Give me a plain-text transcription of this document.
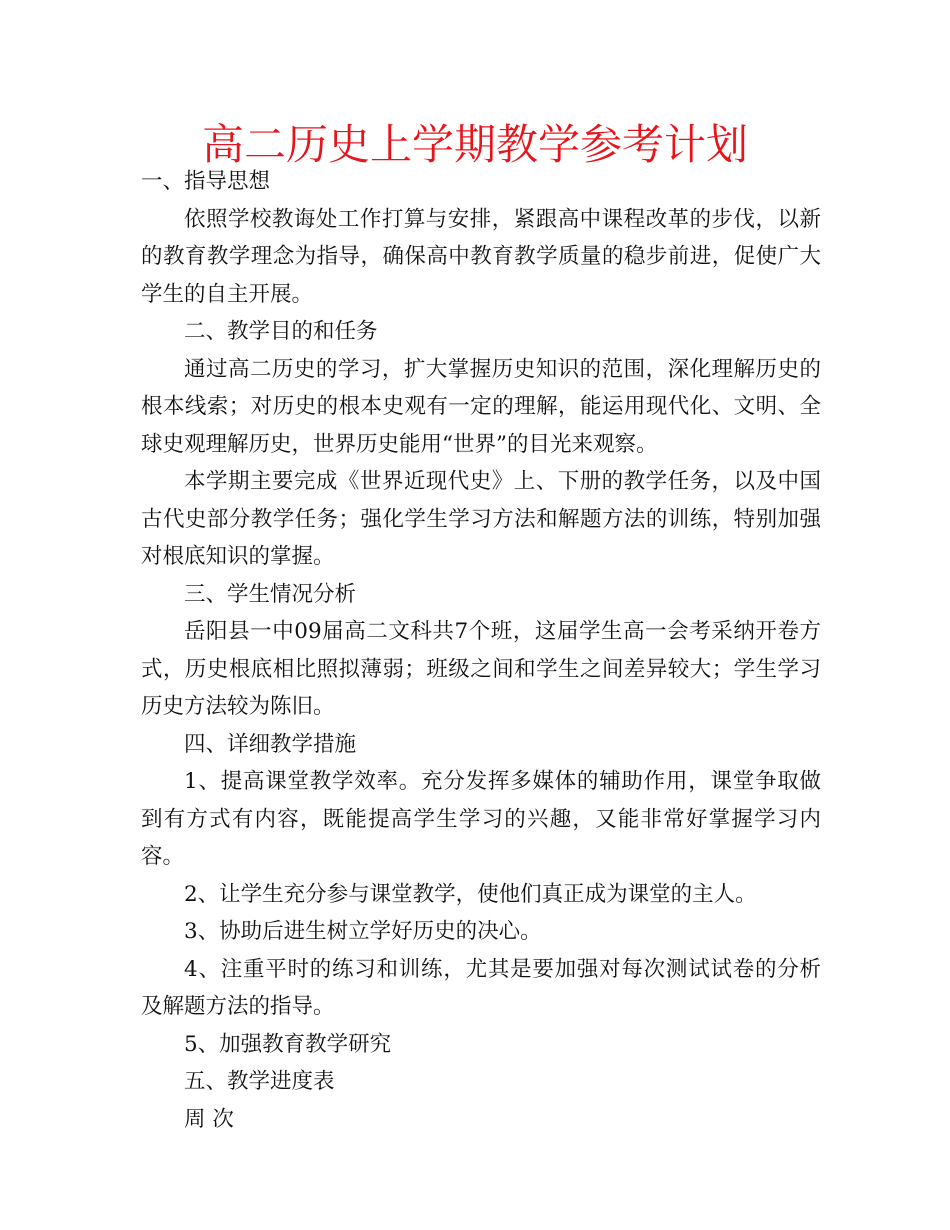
高二历史上学期教学参考计划

一、指导思想

依照学校教诲处工作打算与安排，紧跟高中课程改革的步伐，以新的教育教学理念为指导，确保高中教育教学质量的稳步前进，促使广大学生的自主开展。

二、教学目的和任务

通过高二历史的学习，扩大掌握历史知识的范围，深化理解历史的根本线索；对历史的根本史观有一定的理解，能运用现代化、文明、全球史观理解历史，世界历史能用“世界”的目光来观察。

本学期主要完成《世界近现代史》上、下册的教学任务，以及中国古代史部分教学任务；强化学生学习方法和解题方法的训练，特别加强对根底知识的掌握。

三、学生情况分析

岳阳县一中09届高二文科共7个班，这届学生高一会考采纳开卷方式，历史根底相比照拟薄弱；班级之间和学生之间差异较大；学生学习历史方法较为陈旧。

四、详细教学措施

1、提高课堂教学效率。充分发挥多媒体的辅助作用，课堂争取做到有方式有内容，既能提高学生学习的兴趣，又能非常好掌握学习内容。

2、让学生充分参与课堂教学，使他们真正成为课堂的主人。

3、协助后进生树立学好历史的决心。

4、注重平时的练习和训练，尤其是要加强对每次测试试卷的分析及解题方法的指导。

5、加强教育教学研究

五、教学进度表

周 次
